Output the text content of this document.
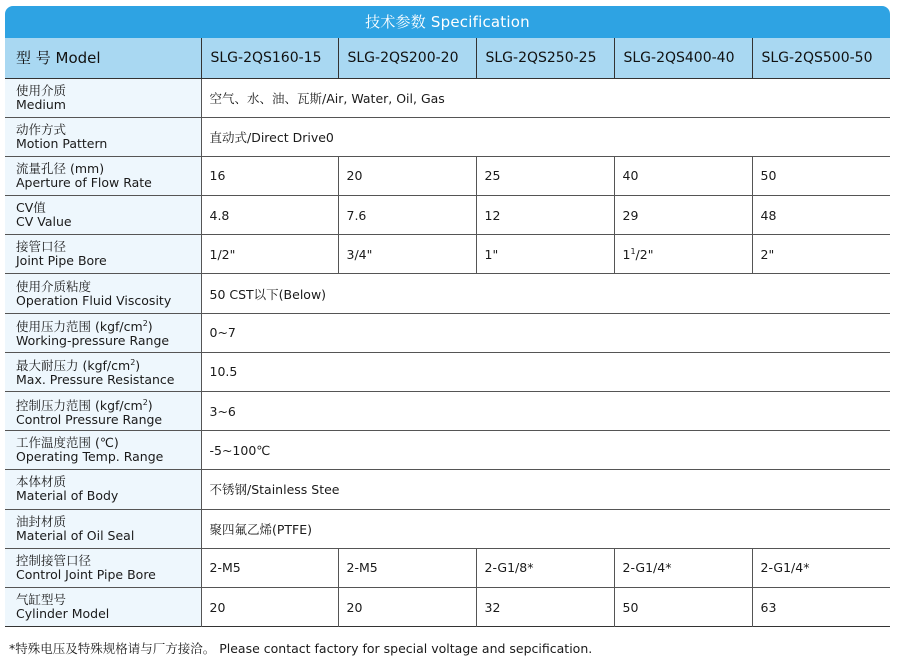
技术参数 Specification
型 号 Model	SLG-2QS160-15	SLG-2QS200-20	SLG-2QS250-25	SLG-2QS400-40	SLG-2QS500-50

使用介质
Medium	空气、水、油、瓦斯/Air, Water, Oil, Gas				

动作方式
Motion Pattern	直动式/Direct Drive0				

流量孔径 (mm)
Aperture of Flow Rate	16	20	25	40	50

CV值
CV Value	4.8	7.6	12	29	48

接管口径
Joint Pipe Bore	1/2"	3/4"	1"	$1^1/2$"	2"

使用介质粘度
Operation Fluid Viscosity	50 CST以下(Below)				

使用压力范围 $(kgf/cm^2)$
Working-pressure Range	0~7				

最大耐压力 $(kgf/cm^2)$
Max. Pressure Resistance	10.5				

控制压力范围 $(kgf/cm^2)$
Control Pressure Range	3~6				

工作温度范围 (℃)
Operating Temp. Range	-5~100℃				

本体材质
Material of Body	不锈钢/Stainless Stee				

油封材质
Material of Oil Seal	聚四氟乙烯(PTFE)				

控制接管口径
Control Joint Pipe Bore	2-M5	2-M5	2-G1/8*	2-G1/4*	2-G1/4*

气缸型号
Cylinder Model	20	20	32	50	63
*特殊电压及特殊规格请与厂方接洽。 Please contact factory for special voltage and sepcification.
